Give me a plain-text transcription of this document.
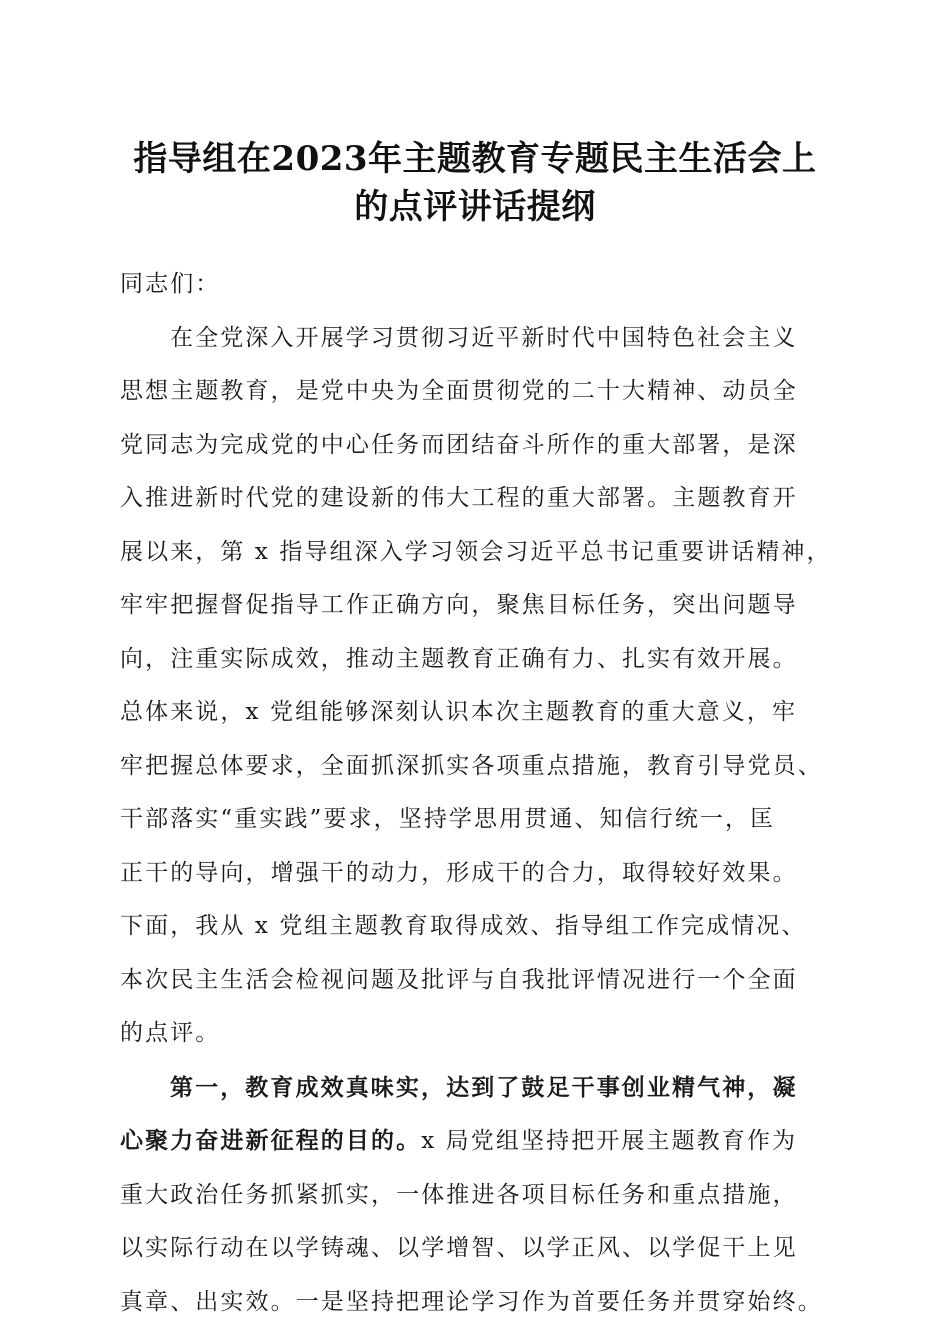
指导组在2023年主题教育专题民主生活会上
的点评讲话提纲
同志们：
在全党深入开展学习贯彻习近平新时代中国特色社会主义
思想主题教育，是党中央为全面贯彻党的二十大精神、动员全
党同志为完成党的中心任务而团结奋斗所作的重大部署，是深
入推进新时代党的建设新的伟大工程的重大部署。主题教育开
展以来，第 x 指导组深入学习领会习近平总书记重要讲话精神，
牢牢把握督促指导工作正确方向，聚焦目标任务，突出问题导
向，注重实际成效，推动主题教育正确有力、扎实有效开展。
总体来说，x 党组能够深刻认识本次主题教育的重大意义，牢
牢把握总体要求，全面抓深抓实各项重点措施，教育引导党员、
干部落实“重实践”要求，坚持学思用贯通、知信行统一，匡
正干的导向，增强干的动力，形成干的合力，取得较好效果。
下面，我从 x 党组主题教育取得成效、指导组工作完成情况、
本次民主生活会检视问题及批评与自我批评情况进行一个全面
的点评。
第一，教育成效真味实，达到了鼓足干事创业精气神，凝
心聚力奋进新征程的目的。x 局党组坚持把开展主题教育作为
重大政治任务抓紧抓实，一体推进各项目标任务和重点措施，
以实际行动在以学铸魂、以学增智、以学正风、以学促干上见
真章、出实效。一是坚持把理论学习作为首要任务并贯穿始终。
